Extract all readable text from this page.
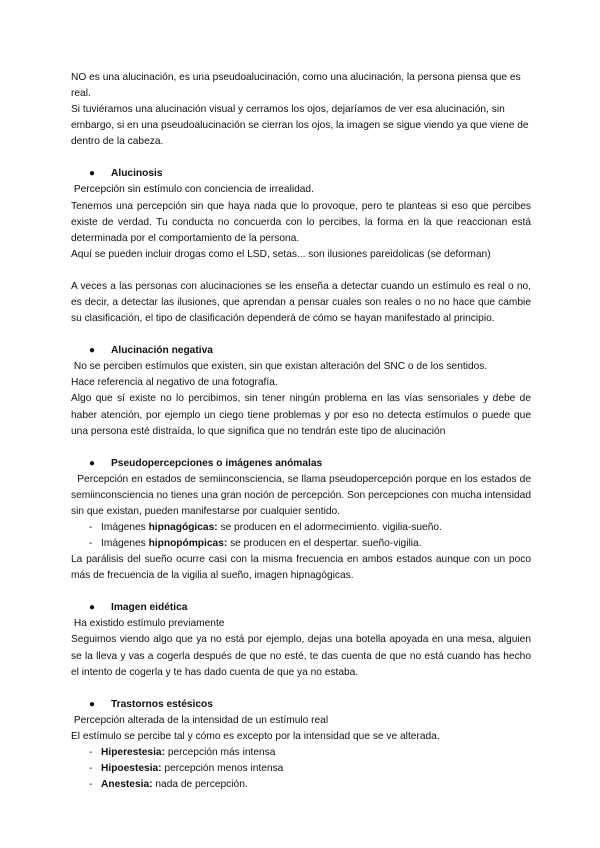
NO es una alucinación, es una pseudoalucinación, como una alucinación, la persona piensa que es real.

Si tuviéramos una alucinación visual y cerramos los ojos, dejaríamos de ver esa alucinación, sin embargo, si en una pseudoalucinación se cierran los ojos, la imagen se sigue viendo ya que viene de dentro de la cabeza.

●	Alucinosis

Percepción sin estímulo con conciencia de irrealidad.

Tenemos una percepción sin que haya nada que lo provoque, pero te planteas si eso que percibes existe de verdad. Tu conducta no concuerda con lo percibes, la forma en la que reaccionan está determinada por el comportamiento de la persona.

Aquí se pueden incluir drogas como el LSD, setas... son ilusiones pareidolicas (se deforman)

A veces a las personas con alucinaciones se les enseña a detectar cuando un estímulo es real o no, es decir, a detectar las ilusiones, que aprendan a pensar cuales son reales o no no hace que cambie su clasificación, el tipo de clasificación dependerá de cómo se hayan manifestado al principio.

●	Alucinación negativa

No se perciben estímulos que existen, sin que existan alteración del SNC o de los sentidos.

Hace referencia al negativo de una fotografía.

Algo que sí existe no lo percibimos, sin tener ningún problema en las vías sensoriales y debe de haber atención, por ejemplo un ciego tiene problemas y por eso no detecta estímulos o puede que una persona esté distraída, lo que significa que no tendrán este tipo de alucinación

●	Pseudopercepciones o imágenes anómalas

Percepción en estados de semiinconsciencia, se llama pseudopercepción porque en los estados de semiinconsciencia no tienes una gran noción de percepción. Son percepciones con mucha intensidad sin que existan, pueden manifestarse por cualquier sentido.

- Imágenes hipnagógicas: se producen en el adormecimiento. vigilia-sueño.
- Imágenes hipnopómpicas: se producen en el despertar. sueño-vigilia.

La parálisis del sueño ocurre casi con la misma frecuencia en ambos estados aunque con un poco más de frecuencia de la vigilia al sueño, imagen hipnagógicas.

●	Imagen eidética

Ha existido estímulo previamente

Seguimos viendo algo que ya no está por ejemplo, dejas una botella apoyada en una mesa, alguien se la lleva y vas a cogerla después de que no esté, te das cuenta de que no está cuando has hecho el intento de cogerla y te has dado cuenta de que ya no estaba.

●	Trastornos estésicos

Percepción alterada de la intensidad de un estímulo real

El estímulo se percibe tal y cómo es excepto por la intensidad que se ve alterada.

- Hiperestesia: percepción más intensa
- Hipoestesia: percepción menos intensa
- Anestesia: nada de percepción.
